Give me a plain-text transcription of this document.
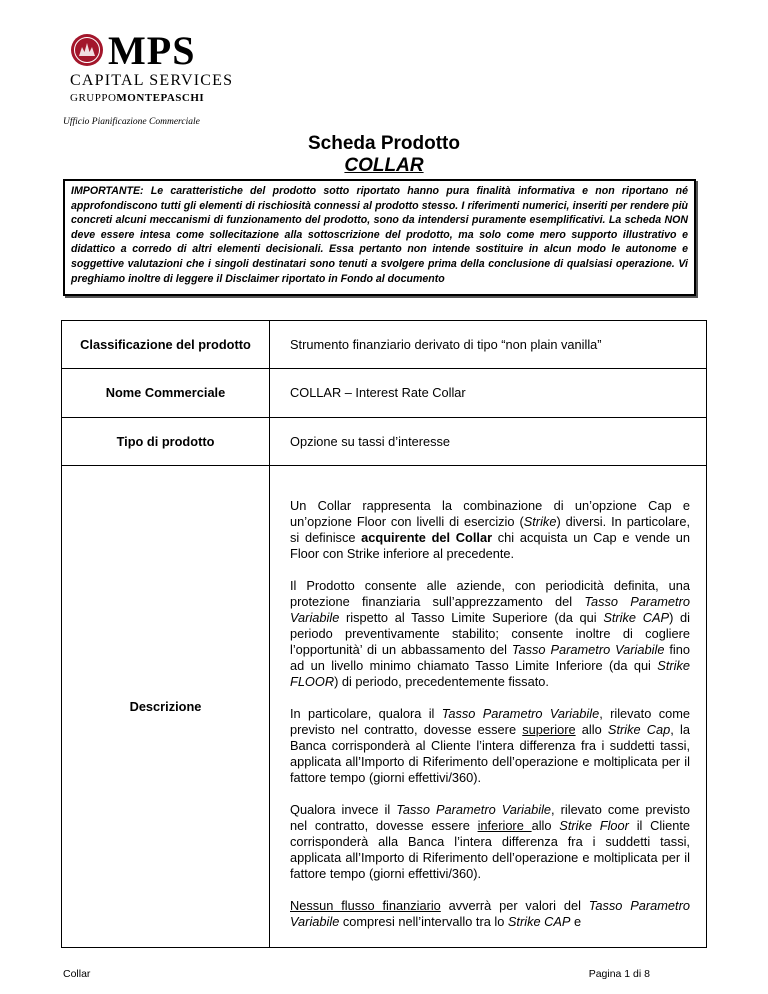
MPS
CAPITAL SERVICES
GRUPPOMONTEPASCHI
Ufficio Pianificazione Commerciale
Scheda Prodotto
COLLAR
IMPORTANTE: Le caratteristiche del prodotto sotto riportato hanno pura finalità informativa e non riportano né approfondiscono tutti gli elementi di rischiosità connessi al prodotto stesso. I riferimenti numerici, inseriti per rendere più concreti alcuni meccanismi di funzionamento del prodotto, sono da intendersi puramente esemplificativi. La scheda NON deve essere intesa come sollecitazione alla sottoscrizione del prodotto, ma solo come mero supporto illustrativo e didattico a corredo di altri elementi decisionali. Essa pertanto non intende sostituire in alcun modo le autonome e soggettive valutazioni che i singoli destinatari sono tenuti a svolgere prima della conclusione di qualsiasi operazione. Vi preghiamo inoltre di leggere il Disclaimer riportato in Fondo al documento
Classificazione del prodotto	Strumento finanziario derivato di tipo “non plain vanilla”
Nome Commerciale	COLLAR – Interest Rate Collar
Tipo di prodotto	Opzione su tassi d’interesse
Descrizione	Un Collar rappresenta la combinazione di un’opzione Cap e un’opzione Floor con livelli di esercizio (Strike) diversi. In particolare, si definisce acquirente del Collar chi acquista un Cap e vende un Floor con Strike inferiore al precedente.

Il Prodotto consente alle aziende, con periodicità definita, una protezione finanziaria sull’apprezzamento del Tasso Parametro Variabile rispetto al Tasso Limite Superiore (da qui Strike CAP) di periodo preventivamente stabilito; consente inoltre di cogliere l’opportunità’ di un abbassamento del Tasso Parametro Variabile fino ad un livello minimo chiamato Tasso Limite Inferiore (da qui Strike FLOOR) di periodo, precedentemente fissato.

In particolare, qualora il Tasso Parametro Variabile, rilevato come previsto nel contratto, dovesse essere superiore allo Strike Cap, la Banca corrisponderà al Cliente l’intera differenza fra i suddetti tassi, applicata all’Importo di Riferimento dell’operazione e moltiplicata per il fattore tempo (giorni effettivi/360).

Qualora invece il Tasso Parametro Variabile, rilevato come previsto nel contratto, dovesse essere inferiore allo Strike Floor il Cliente corrisponderà alla Banca l’intera differenza fra i suddetti tassi, applicata all’Importo di Riferimento dell’operazione e moltiplicata per il fattore tempo (giorni effettivi/360).

Nessun flusso finanziario avverrà per valori del Tasso Parametro Variabile compresi nell’intervallo tra lo Strike CAP e

Collar	Pagina 1 di 8
